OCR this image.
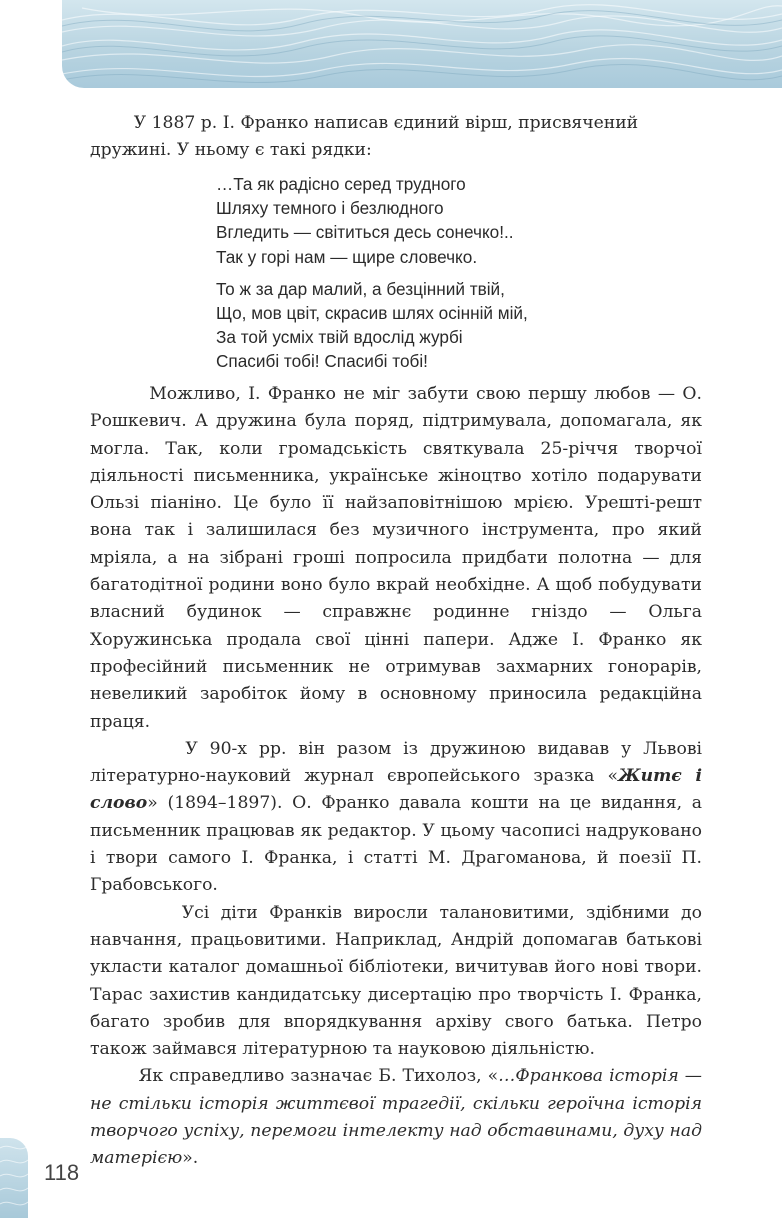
У 1887 р. І. Франко написав єдиний вірш, присвячений

дружині. У ньому є такі рядки:

…Та як радісно серед трудного
Шляху темного і безлюдного
Вгледить — світиться десь сонечко!..
Так у горі нам — щире словечко.
То ж за дар малий, а безцінний твій,
Що, мов цвіт, скрасив шлях осінній мій,
За той усміх твій вдослід журбі
Спасибі тобі! Спасибі тобі!

Можливо, І. Франко не міг забути свою першу любов — О. Рошкевич. А дружина була поряд, підтримувала, допомагала, як могла. Так, коли громадськість святкувала 25-річчя творчої діяльності письменника, українське жіноцтво хотіло подарувати Ользі піаніно. Це було її найзаповітнішою мрією. Урешті-решт вона так і залишилася без музичного інструмента, про який мріяла, а на зібрані гроші попросила придбати полотна — для багатодітної родини воно було вкрай необхідне. А щоб побудувати власний будинок — справжнє родинне гніздо — Ольга Хоружинська продала свої цінні папери. Адже І. Франко як професійний письменник не отримував захмарних гонорарів, невеликий заробіток йому в основному приносила редакційна праця.

У 90-х рр. він разом із дружиною видавав у Львові літературно-науковий журнал європейського зразка «Житє і слово» (1894–1897). О. Франко давала кошти на це видання, а письменник працював як редактор. У цьому часописі надруковано і твори самого І. Франка, і статті М. Драгоманова, й поезії П. Грабовського.

Усі діти Франків виросли талановитими, здібними до навчання, працьовитими. Наприклад, Андрій допомагав батькові укласти каталог домашньої бібліотеки, вичитував його нові твори. Тарас захистив кандидатську дисертацію про творчість І. Франка, багато зробив для впорядкування архіву свого батька. Петро також займався літературною та науковою діяльністю.

Як справедливо зазначає Б. Тихолоз, «…Франкова історія — не стільки історія життєвої трагедії, скільки героїчна історія творчого успіху, перемоги інтелекту над обставинами, духу над матерією».

118
